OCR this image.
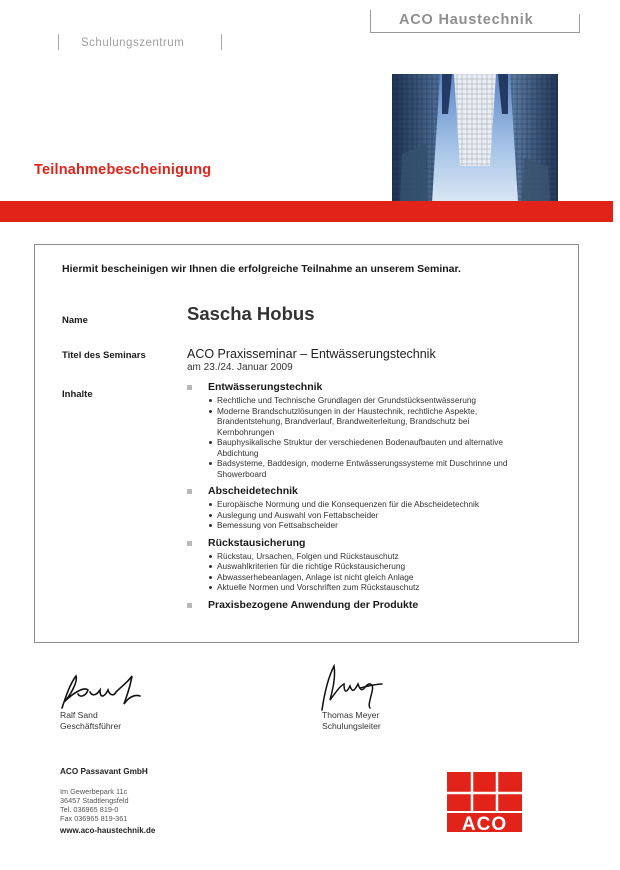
ACO Haustechnik
Schulungszentrum
Teilnahmebescheinigung
Hiermit bescheinigen wir Ihnen die erfolgreiche Teilnahme an unserem Seminar.
Name	Sascha Hobus
Titel des Seminars	ACO Praxisseminar – Entwässerungstechnik
am 23./24. Januar 2009
Inhalte
Entwässerungstechnik
Rechtliche und Technische Grundlagen der Grundstücksentwässerung
Moderne Brandschutzlösungen in der Haustechnik, rechtliche Aspekte, Brandentstehung, Brandverlauf, Brandweiterleitung, Brandschutz bei Kernbohrungen
Bauphysikalische Struktur der verschiedenen Bodenaufbauten und alternative Abdichtung
Badsysteme, Baddesign, moderne Entwässerungssysteme mit Duschrinne und Showerboard
Abscheidetechnik
Europäische Normung und die Konsequenzen für die Abscheidetechnik
Auslegung und Auswahl von Fettabscheider
Bemessung von Fettsabscheider
Rückstausicherung
Rückstau, Ursachen, Folgen und Rückstauschutz
Auswahlkriterien für die richtige Rückstausicherung
Abwasserhebeanlagen, Anlage ist nicht gleich Anlage
Aktuelle Normen und Vorschriften zum Rückstauschutz
Praxisbezogene Anwendung der Produkte
Ralf Sand
Geschäftsführer
Thomas Meyer
Schulungsleiter
ACO Passavant GmbH
Im Gewerbepark 11c
36457 Stadtlengsfeld
Tel. 036965 819-0
Fax 036965 819-361
www.aco-haustechnik.de	ACO
